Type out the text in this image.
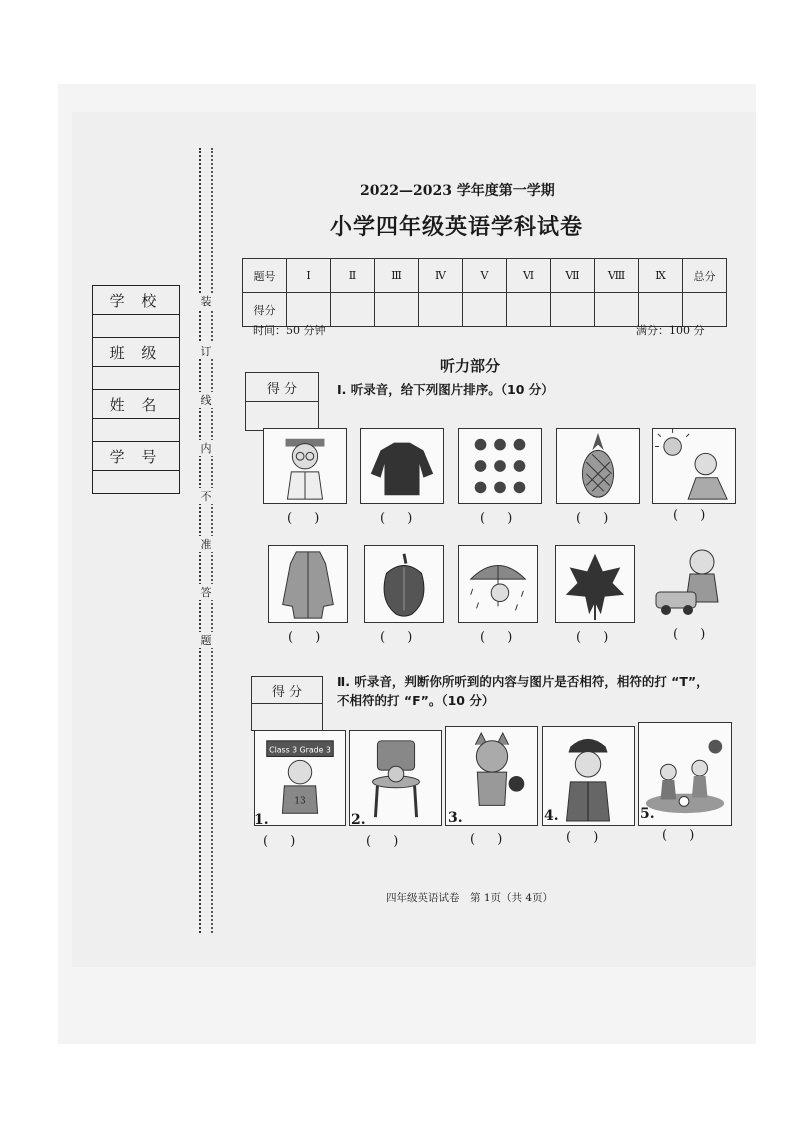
学 校

班 级

姓 名

学 号

装
订
线
内
不
准
答
题
2022—2023 学年度第一学期
小学四年级英语学科试卷
题号	Ⅰ	Ⅱ	Ⅲ	Ⅳ	Ⅴ	Ⅵ	Ⅶ	Ⅷ	Ⅸ	总分
得分										
时间：50 分钟	满分：100 分
听力部分
得 分	Ⅰ. 听录音，给下列图片排序。（10 分）
( )	( )	( )	( )	( )
( )	( )	( )	( )	( )
得 分

Ⅱ. 听录音，判断你所听到的内容与图片是否相符，相符的打 “T”，
不相符的打 “F”。（10 分）
Class 3 Grade 3
13
1.	2.	3.	4.	5.
( )	( )	( )	( )	( )
四年级英语试卷　第 1页（共 4页）
